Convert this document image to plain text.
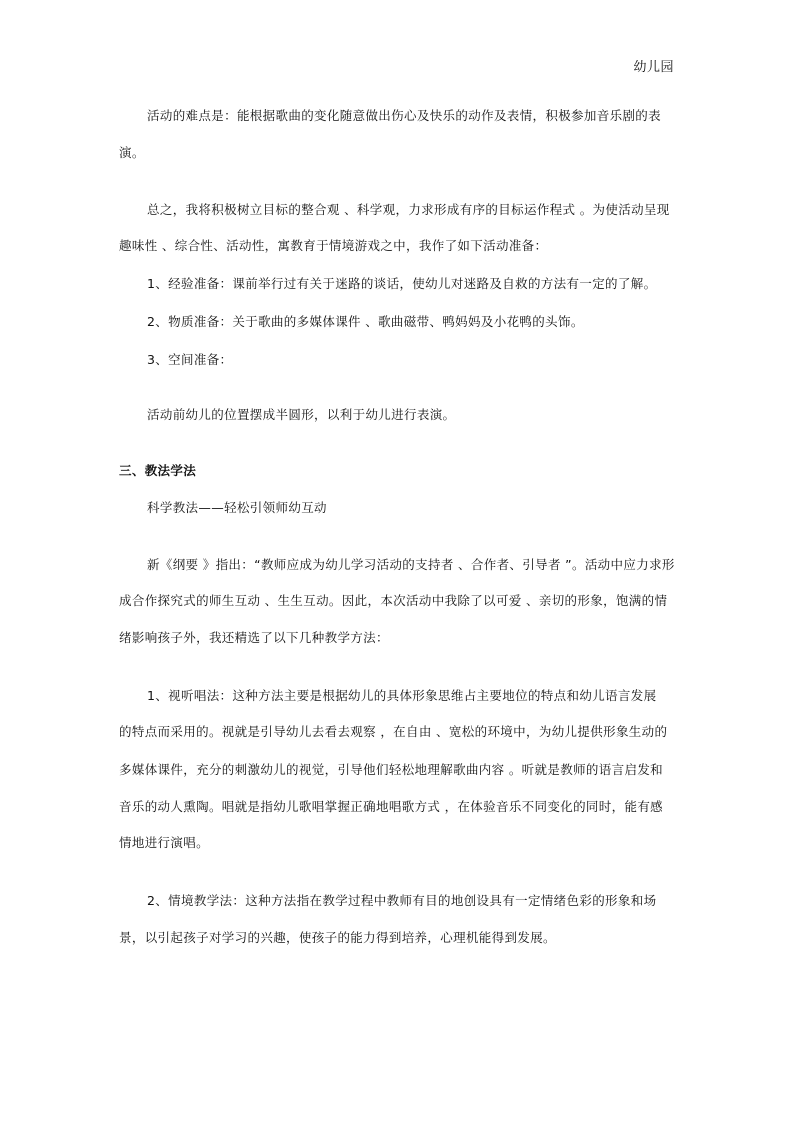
幼儿园
活动的难点是：能根据歌曲的变化随意做出伤心及快乐的动作及表情，积极参加音乐剧的表
演。
总之，我将积极树立目标的整合观 、科学观，力求形成有序的目标运作程式 。为使活动呈现
趣味性 、综合性、活动性，寓教育于情境游戏之中，我作了如下活动准备：
1、经验准备：课前举行过有关于迷路的谈话，使幼儿对迷路及自救的方法有一定的了解。
2、物质准备：关于歌曲的多媒体课件 、歌曲磁带、鸭妈妈及小花鸭的头饰。
3、空间准备：
活动前幼儿的位置摆成半圆形，以利于幼儿进行表演。
三、教法学法
科学教法——轻松引领师幼互动
新《纲要 》指出：“教师应成为幼儿学习活动的支持者 、合作者、引导者 ”。活动中应力求形
成合作探究式的师生互动 、生生互动。因此，本次活动中我除了以可爱 、亲切的形象，饱满的情
绪影响孩子外，我还精选了以下几种教学方法：
1、视听唱法：这种方法主要是根据幼儿的具体形象思维占主要地位的特点和幼儿语言发展
的特点而采用的。视就是引导幼儿去看去观察 ，在自由 、宽松的环境中，为幼儿提供形象生动的
多媒体课件，充分的刺激幼儿的视觉，引导他们轻松地理解歌曲内容 。听就是教师的语言启发和
音乐的动人熏陶。唱就是指幼儿歌唱掌握正确地唱歌方式 ，在体验音乐不同变化的同时，能有感
情地进行演唱。
2、情境教学法：这种方法指在教学过程中教师有目的地创设具有一定情绪色彩的形象和场
景，以引起孩子对学习的兴趣，使孩子的能力得到培养，心理机能得到发展。
